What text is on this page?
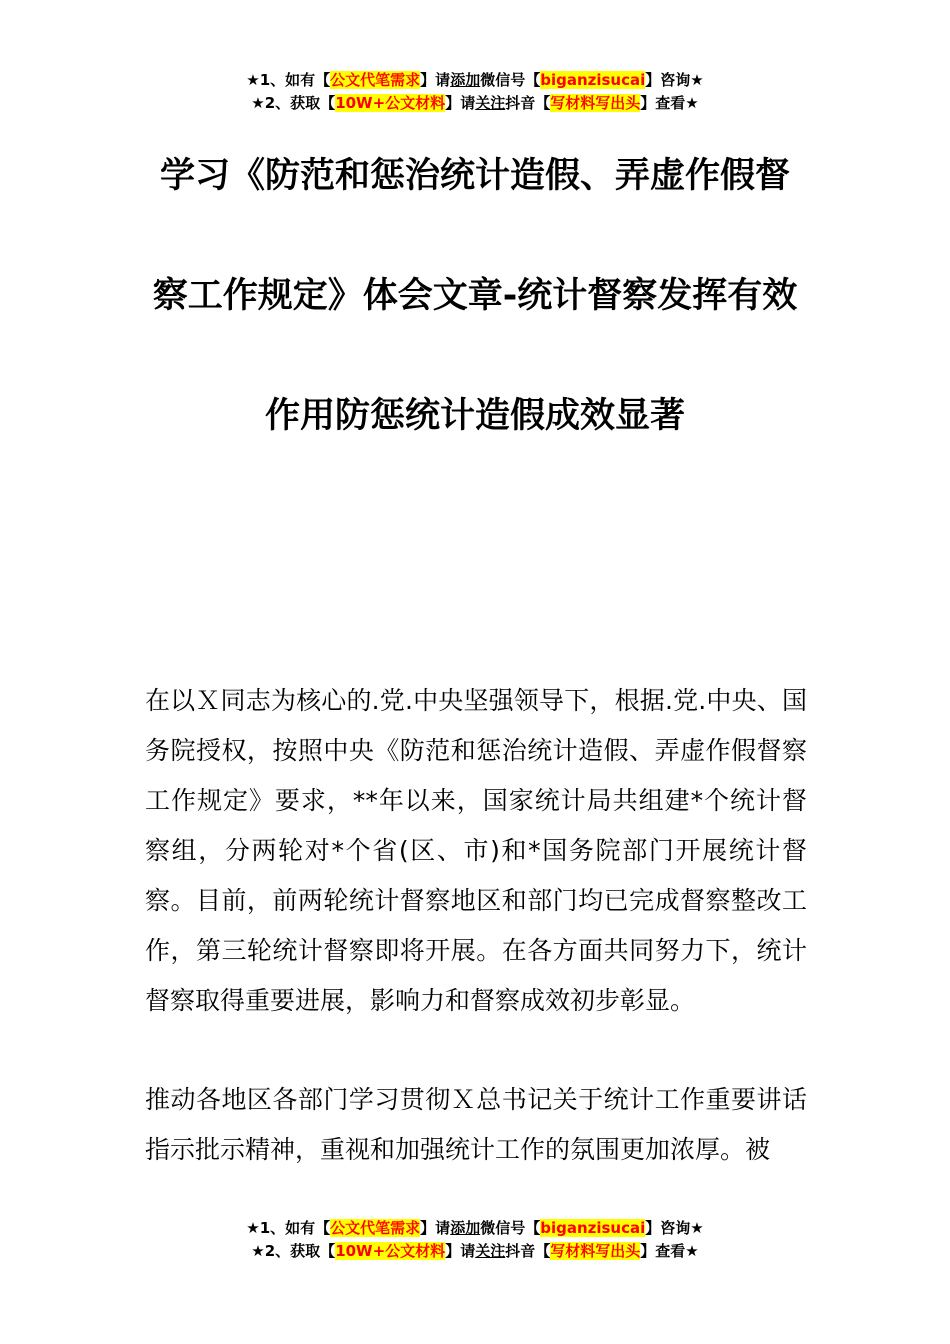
★1、如有【公文代笔需求】请添加微信号【biganzisucai】咨询★
★2、获取【10W+公文材料】请关注抖音【写材料写出头】查看★
学习《防范和惩治统计造假、弄虚作假督
察工作规定》体会文章-统计督察发挥有效
作用防惩统计造假成效显著

在以Ｘ同志为核心的.党.中央坚强领导下，根据.党.中央、国务院授权，按照中央《防范和惩治统计造假、弄虚作假督察工作规定》要求，**年以来，国家统计局共组建*个统计督察组，分两轮对*个省(区、市)和*国务院部门开展统计督察。目前，前两轮统计督察地区和部门均已完成督察整改工作，第三轮统计督察即将开展。在各方面共同努力下，统计督察取得重要进展，影响力和督察成效初步彰显。

推动各地区各部门学习贯彻Ｘ总书记关于统计工作重要讲话指示批示精神，重视和加强统计工作的氛围更加浓厚。被

★1、如有【公文代笔需求】请添加微信号【biganzisucai】咨询★
★2、获取【10W+公文材料】请关注抖音【写材料写出头】查看★
